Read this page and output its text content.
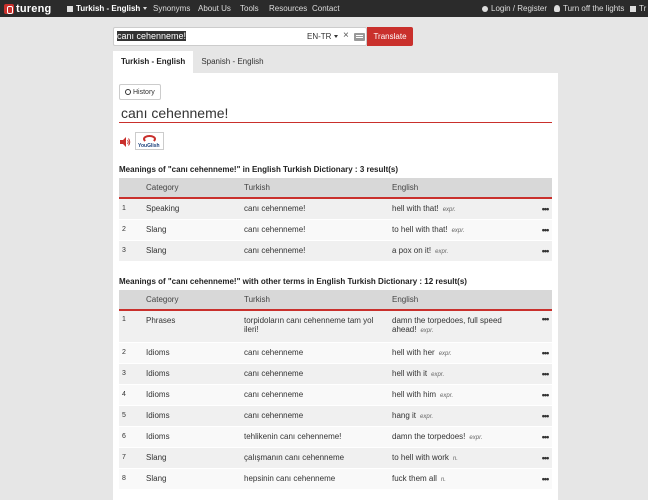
tureng	Turkish - English Synonyms About Us Tools Resources Contact	Login / Register Turn off the lights Tr
canı cehenneme!	EN-TR ×	Translate
Turkish - English	Spanish - English
History
canı cehenneme!
YouGlish
Meanings of "canı cehenneme!" in English Turkish Dictionary : 3 result(s)
	Category	Turkish	English	
1	Speaking	canı cehenneme!	hell with that! expr.	•••
2	Slang	canı cehenneme!	to hell with that! expr.	•••
3	Slang	canı cehenneme!	a pox on it! expr.	•••
Meanings of "canı cehenneme!" with other terms in English Turkish Dictionary : 12 result(s)
	Category	Turkish	English	
1	Phrases	torpidoların canı cehenneme tam yol ileri!	damn the torpedoes, full speed ahead! expr.	•••
2	Idioms	canı cehenneme	hell with her expr.	•••
3	Idioms	canı cehenneme	hell with it expr.	•••
4	Idioms	canı cehenneme	hell with him expr.	•••
5	Idioms	canı cehenneme	hang it expr.	•••
6	Idioms	tehlikenin canı cehenneme!	damn the torpedoes! expr.	•••
7	Slang	çalışmanın canı cehenneme	to hell with work n.	•••
8	Slang	hepsinin canı cehenneme	fuck them all n.	•••
